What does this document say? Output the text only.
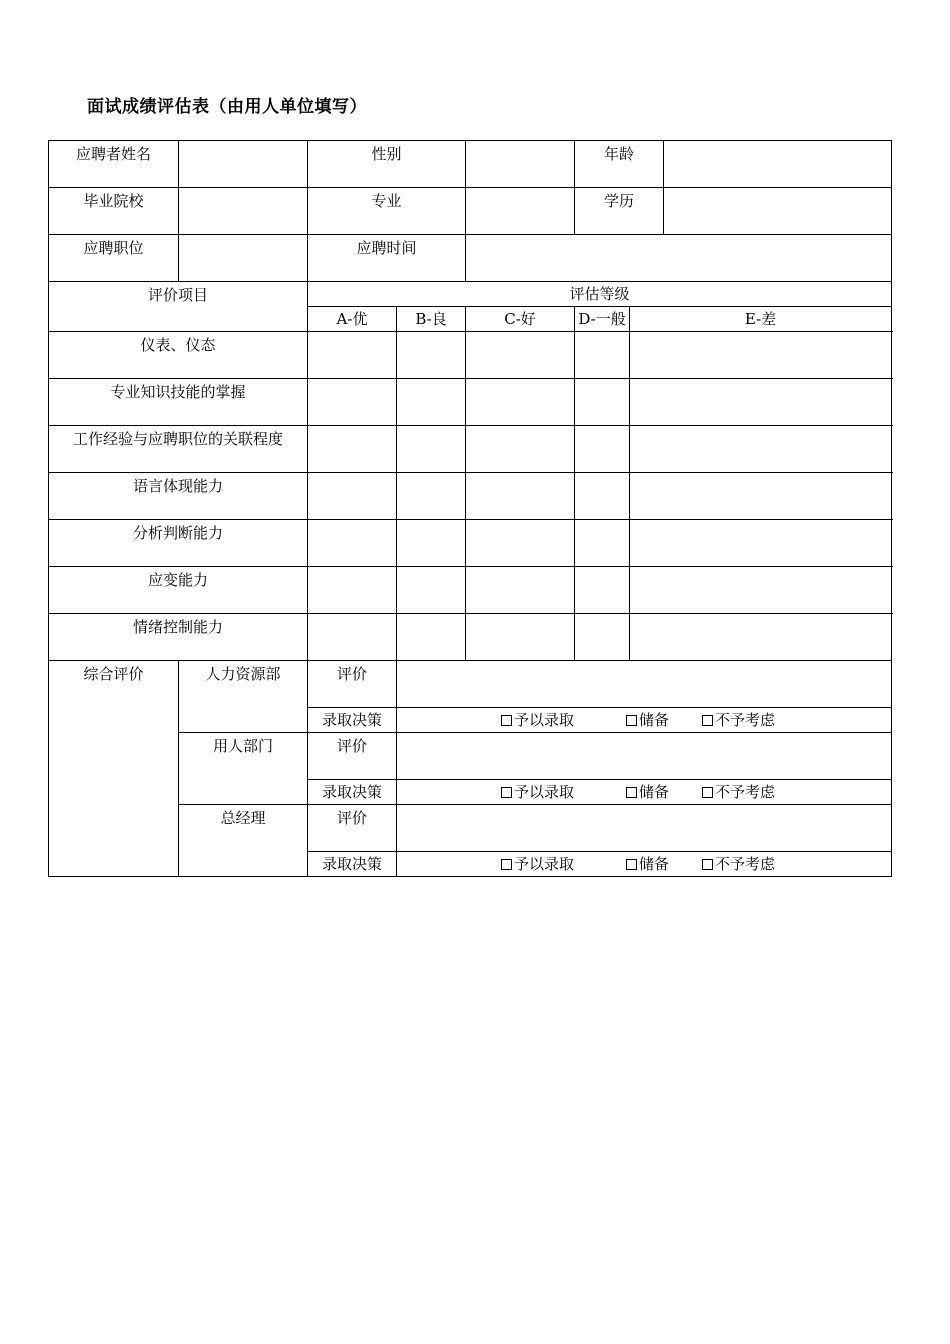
面试成绩评估表（由用人单位填写）
应聘者姓名		性别			年龄		
毕业院校		专业			学历		
应聘职位		应聘时间					
评价项目		评估等级					
		A-优	B-良	C-好	D-一般	E-差	
仪表、仪态							
专业知识技能的掌握							
工作经验与应聘职位的关联程度							
语言体现能力							
分析判断能力							
应变能力							
情绪控制能力							
综合评价	人力资源部	评价					
		录取决策	予以录取 储备 不予考虑				
	用人部门	评价					
		录取决策	予以录取 储备 不予考虑				
	总经理	评价					
		录取决策	予以录取 储备 不予考虑				
